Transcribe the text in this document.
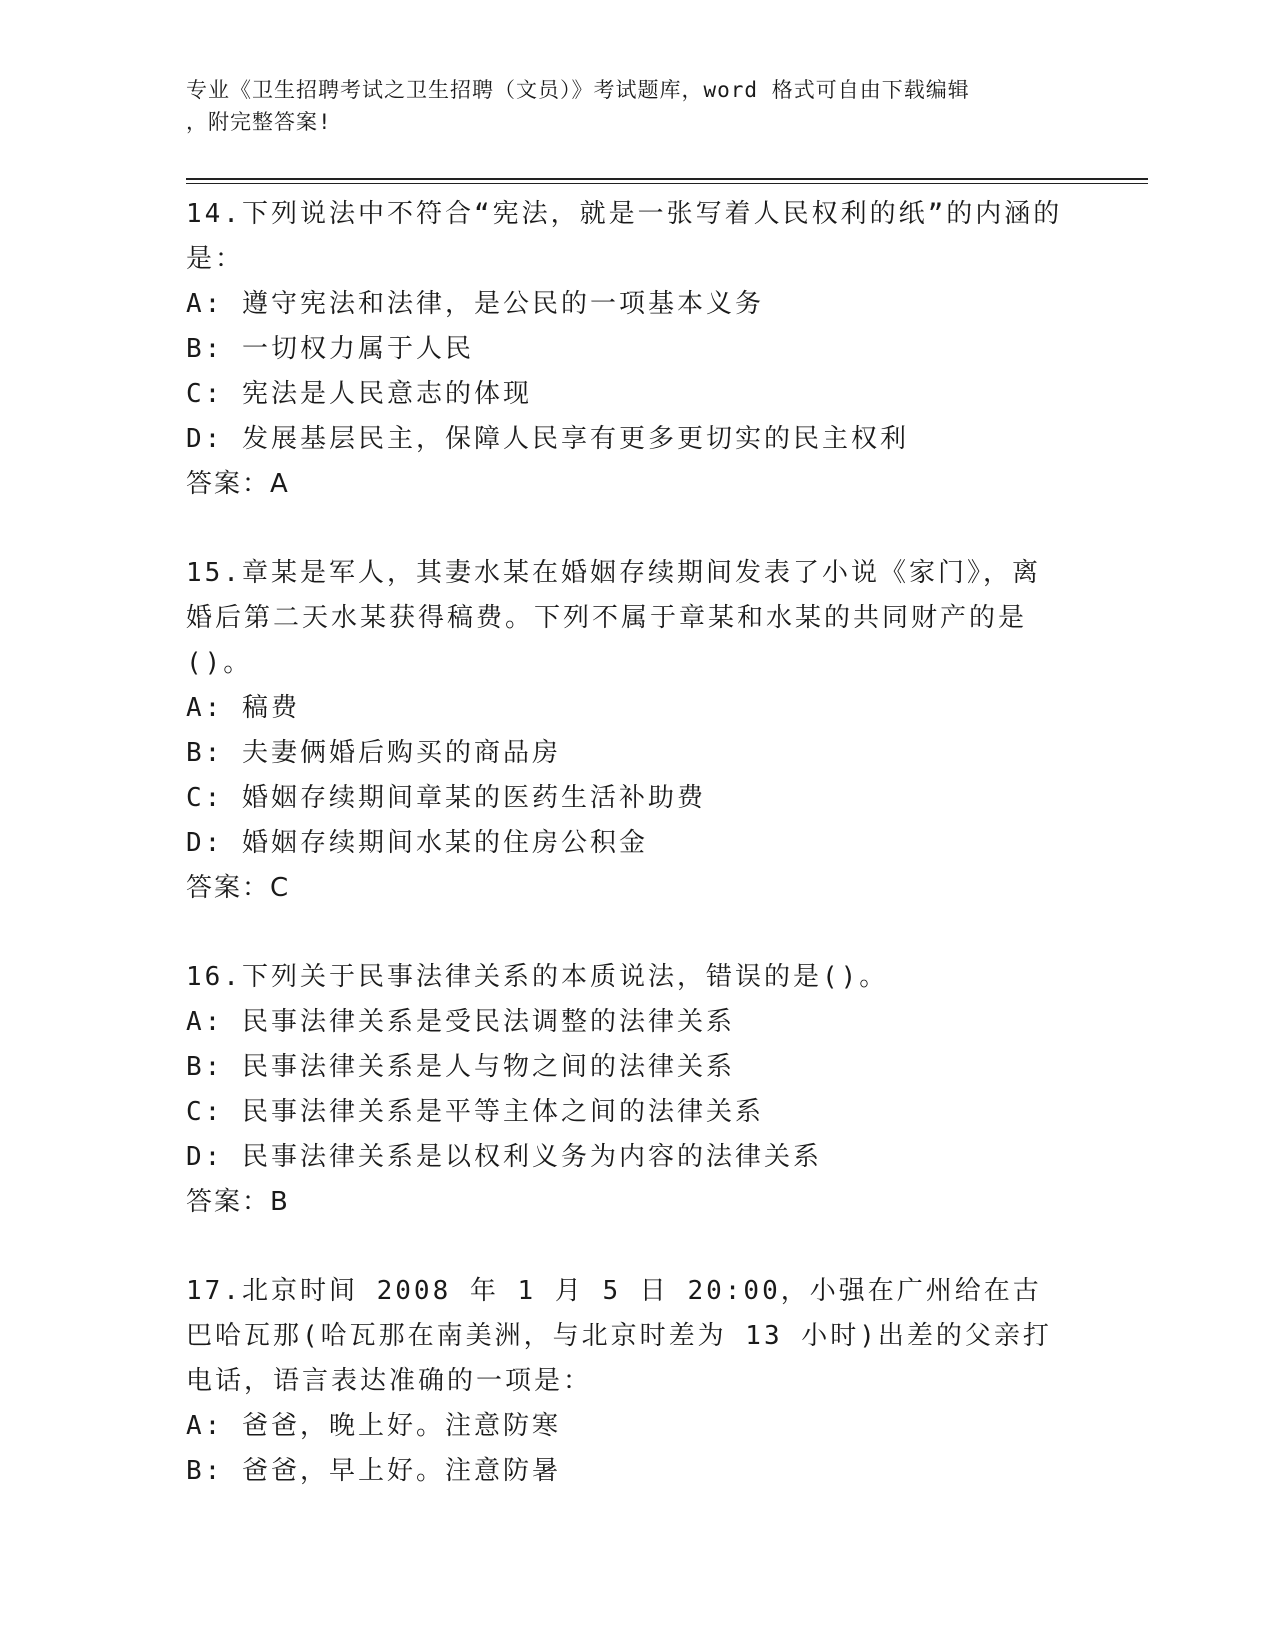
专业《卫生招聘考试之卫生招聘（文员）》考试题库，word 格式可自由下载编辑
，附完整答案!

14.下列说法中不符合“宪法，就是一张写着人民权利的纸”的内涵的是：

A: 遵守宪法和法律，是公民的一项基本义务

B: 一切权力属于人民

C: 宪法是人民意志的体现

D: 发展基层民主，保障人民享有更多更切实的民主权利

答案：A

15.章某是军人，其妻水某在婚姻存续期间发表了小说《家门》，离婚后第二天水某获得稿费。下列不属于章某和水某的共同财产的是()。

A: 稿费

B: 夫妻俩婚后购买的商品房

C: 婚姻存续期间章某的医药生活补助费

D: 婚姻存续期间水某的住房公积金

答案：C

16.下列关于民事法律关系的本质说法，错误的是()。

A: 民事法律关系是受民法调整的法律关系

B: 民事法律关系是人与物之间的法律关系

C: 民事法律关系是平等主体之间的法律关系

D: 民事法律关系是以权利义务为内容的法律关系

答案：B

17.北京时间 2008 年 1 月 5 日 20:00，小强在广州给在古巴哈瓦那(哈瓦那在南美洲，与北京时差为 13 小时)出差的父亲打电话，语言表达准确的一项是：

A: 爸爸，晚上好。注意防寒

B: 爸爸，早上好。注意防暑
